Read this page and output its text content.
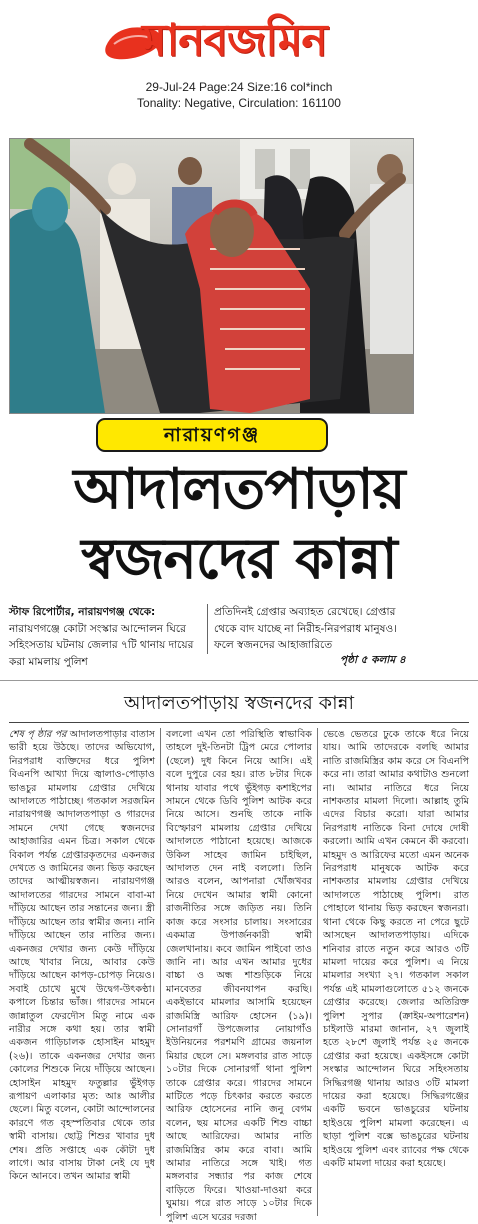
মানবজমিন
29-Jul-24 Page:24 Size:16 col*inch
Tonality: Negative, Circulation: 161100
নারায়ণগঞ্জ
আদালতপাড়ায়
স্বজনদের কান্না
স্টাফ রিপোর্টার, নারায়ণগঞ্জ থেকে: নারায়ণগঞ্জে কোটা সংস্কার আন্দোলন ঘিরে সহিংসতায় ঘটনায় জেলার ৭টি থানায় দায়ের করা মামলায় পুলিশ
প্রতিদিনই গ্রেপ্তার অব্যাহত রেখেছে। গ্রেপ্তার থেকে বাদ যাচ্ছে না নিরীহ-নিরপরাধ মানুষও। ফলে স্বজনদের আহাজারিতে
পৃষ্ঠা ৫ কলাম ৪
আদালতপাড়ায় স্বজনদের কান্না

শেষ পৃ ষ্ঠার পর আদালতপাড়ার বাতাস ভারী হয়ে উঠছে। তাদের অভিযোগ, নিরপরাধ ব্যক্তিদের ধরে পুলিশ বিএনপি আখ্যা দিয়ে জ্বালাও-পোড়াও ভাঙচুর মামলায় গ্রেপ্তার দেখিয়ে আদালতে পাঠাচ্ছে। গতকাল সরজমিন নারায়ণগঞ্জ আদালতপাড়া ও গারদের সামনে দেখা গেছে স্বজনদের আহাজারির এমন চিত্র। সকাল থেকে বিকাল পর্যন্ত গ্রেপ্তারকৃতদের একনজর দেখতে ও জামিনের জন্য ভিড় করছেন তাদের আত্মীয়স্বজন। নারায়ণগঞ্জ আদালতের গারদের সামনে বাবা-মা দাঁড়িয়ে আছেন তার সন্তানের জন্য। স্ত্রী দাঁড়িয়ে আছেন তার স্বামীর জন্য। নানি দাঁড়িয়ে আছেন তার নাতির জন্য। একনজর দেখার জন্য কেউ দাঁড়িয়ে আছে খাবার নিয়ে, আবার কেউ দাঁড়িয়ে আছেন কাপড়-চোপড় নিয়েও। সবাই চোখে মুখে উদ্বেগ-উৎকণ্ঠা। কপালে চিন্তার ভাঁজ। গারদের সামনে জান্নাতুল ফেরদৌস মিতু নামে এক নারীর সঙ্গে কথা হয়। তার স্বামী একজন গাড়িচালক হোসাইন মাহমুদ (২৬)। তাকে একনজর দেখার জন্য কোলের শিশুকে নিয়ে দাঁড়িয়ে আছেন। হোসাইন মাহমুদ ফতুল্লার ভুঁইগড় রূপায়ণ এলাকার মৃত: আঃ আলীর ছেলে। মিতু বলেন, কোটা আন্দোলনের কারণে গত বৃহস্পতিবার থেকে তার স্বামী বাসায়। ছোট্ট শিশুর খাবার দুধ শেষ। প্রতি সপ্তাহে এক কৌটা দুধ লাগে। আর বাসায় টাকা নেই যে দুধ কিনে আনবে। তখন আমার স্বামী

বললো এখন তো পরিস্থিতি স্বাভাবিক তাহলে দুই-তিনটা ট্রিপ মেরে পোলার (ছেলে) দুধ কিনে নিয়ে আসি। এই বলে দুপুরে বের হয়। রাত ৮টার দিকে থানায় যাবার পথে ভুঁইগড় কশাইপের সামনে থেকে ডিবি পুলিশ আটক করে নিয়ে আসে। শুনছি তাকে নাকি বিস্ফোরণ মামলায় গ্রেপ্তার দেখিয়ে আদালতে পাঠানো হয়েছে। আজকে উকিল সাহেব জামিন চাইছিল, আদালত দেন নাই বললো। তিনি আরও বলেন, আপনারা খোঁজখবর নিয়ে দেখেন আমার স্বামী কোনো রাজনীতির সঙ্গে জড়িত নয়। তিনি কাজ করে সংসার চালায়। সংসারের একমাত্র উপার্জনকারী স্বামী জেলখানায়। কবে জামিন পাইবো তাও জানি না। আর এখন আমার দুধের বাচ্চা ও অন্ধ শাশুড়িকে নিয়ে মানবেতর জীবনযাপন করছি। একইভাবে মামলার আসামি হয়েছেন রাজমিস্ত্রি আরিফ হোসেন (১৯)। সোনারগাঁ উপজেলার নোয়াগাঁও ইউনিয়নের পরশমণি গ্রামের জয়নাল মিয়ার ছেলে সে। মঙ্গলবার রাত সাড়ে ১০টার দিকে সোনারগাঁ থানা পুলিশ তাকে গ্রেপ্তার করে। গারদের সামনে মাটিতে পড়ে চিৎকার করতে করতে আরিফ হোসেনের নানি জনু বেগম বলেন, ছয় মাসের একটি শিশু বাচ্চা আছে আরিফের। আমার নাতি রাজমিস্ত্রির কাম করে বাবা। আমি আমার নাতিরে সঙ্গে খাই। গত মঙ্গলবার সন্ধ্যার পর কাজ শেষে বাড়িতে ফিরে। খাওয়া-দাওয়া করে ঘুমায়। পরে রাত সাড়ে ১০টার দিকে পুলিশ এসে ঘরের দরজা

ভেঙে ভেতরে ঢুকে তাকে ধরে নিয়ে যায়। আমি তাদেরকে বলছি আমার নাতি রাজমিস্ত্রির কাম করে সে বিএনপি করে না। তারা আমার কথাটাও শুনলো না। আমার নাতিরে ধরে নিয়ে নাশকতার মামলা দিলো। আল্লাহ তুমি এদের বিচার করো। যারা আমার নিরপরাধ নাতিকে বিনা দোষে দোষী করলো। আমি এখন কেমনে কী করবো। মাহমুদ ও আরিফের মতো এমন অনেক নিরপরাধ মানুষকে আটক করে নাশকতার মামলায় গ্রেপ্তার দেখিয়ে আদালতে পাঠাচ্ছে পুলিশ। রাত পোহালে থানায় ভিড় করছেন স্বজনরা। থানা থেকে কিছু করতে না পেরে ছুটে আসছেন আদালতপাড়ায়। এদিকে শনিবার রাতে নতুন করে আরও ৩টি মামলা দায়ের করে পুলিশ। এ নিয়ে মামলার সংখ্যা ২৭। গতকাল সকাল পর্যন্ত এই মামলাগুলোতে ৫১২ জনকে গ্রেপ্তার করেছে। জেলার অতিরিক্ত পুলিশ সুপার (ক্রাইম-অপারেশন) চাইলাউ মারমা জানান, ২৭ জুলাই হতে ২৮শে জুলাই পর্যন্ত ২৫ জনকে গ্রেপ্তার করা হয়েছে। একইসঙ্গে কোটা সংস্কার আন্দোলন ঘিরে সহিংসতায় সিদ্ধিরগঞ্জ থানায় আরও ৩টি মামলা দায়ের করা হয়েছে। সিদ্ধিরগঞ্জের একটি ভবনে ভাঙচুরের ঘটনায় হাইওয়ে পুলিশ মামলা করেছেন। এ ছাড়া পুলিশ বক্সে ভাঙচুরের ঘটনায় হাইওয়ে পুলিশ এবং র‌্যাবের পক্ষ থেকে একটি মামলা দায়ের করা হয়েছে।
